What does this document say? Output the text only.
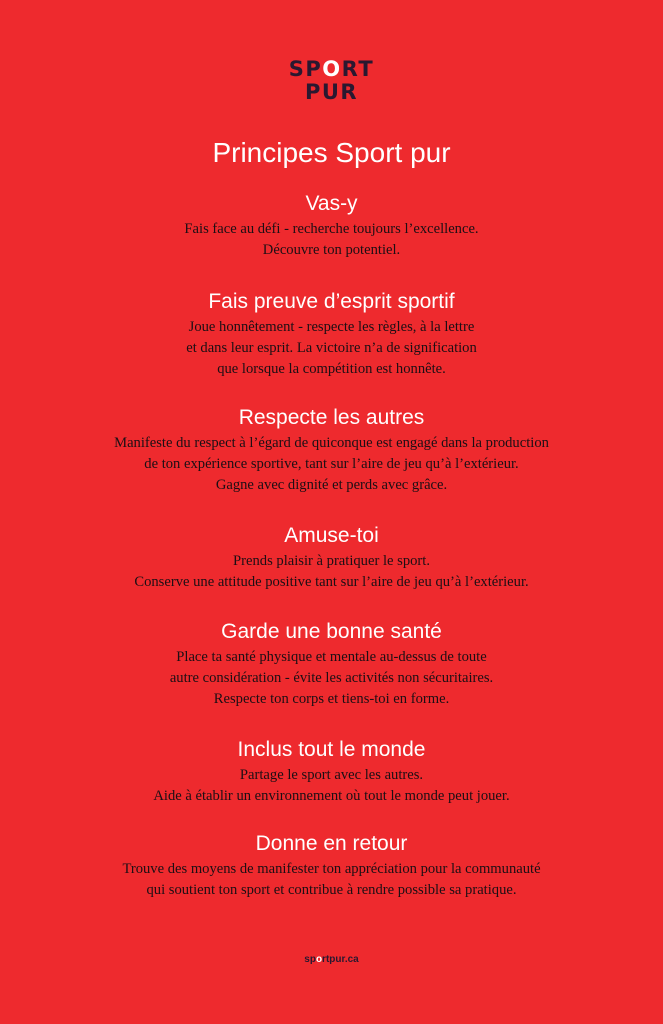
SPORT
PUR
Principes Sport pur
Vas-y
Fais face au défi - recherche toujours l’excellence.
Découvre ton potentiel.
Fais preuve d’esprit sportif
Joue honnêtement - respecte les règles, à la lettre
et dans leur esprit. La victoire n’a de signification
que lorsque la compétition est honnête.
Respecte les autres
Manifeste du respect à l’égard de quiconque est engagé dans la production
de ton expérience sportive, tant sur l’aire de jeu qu’à l’extérieur.
Gagne avec dignité et perds avec grâce.
Amuse-toi
Prends plaisir à pratiquer le sport.
Conserve une attitude positive tant sur l’aire de jeu qu’à l’extérieur.
Garde une bonne santé
Place ta santé physique et mentale au-dessus de toute
autre considération - évite les activités non sécuritaires.
Respecte ton corps et tiens-toi en forme.
Inclus tout le monde
Partage le sport avec les autres.
Aide à établir un environnement où tout le monde peut jouer.
Donne en retour
Trouve des moyens de manifester ton appréciation pour la communauté
qui soutient ton sport et contribue à rendre possible sa pratique.
sportpur.ca
